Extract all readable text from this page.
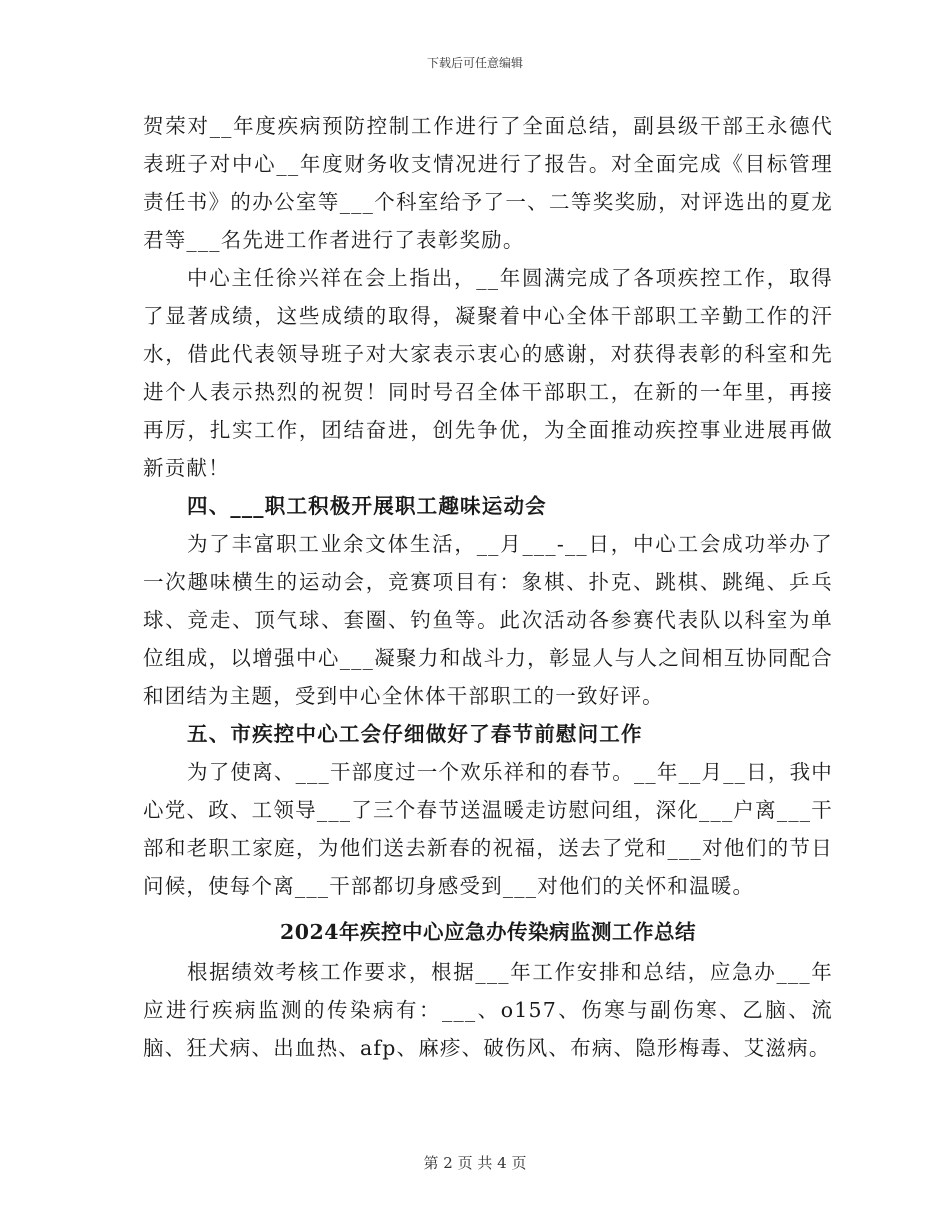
下载后可任意编辑

贺荣对__年度疾病预防控制工作进行了全面总结，副县级干部王永德代表班子对中心__年度财务收支情况进行了报告。对全面完成《目标管理责任书》的办公室等___个科室给予了一、二等奖奖励，对评选出的夏龙君等___名先进工作者进行了表彰奖励。

中心主任徐兴祥在会上指出，__年圆满完成了各项疾控工作，取得了显著成绩，这些成绩的取得，凝聚着中心全体干部职工辛勤工作的汗水，借此代表领导班子对大家表示衷心的感谢，对获得表彰的科室和先进个人表示热烈的祝贺！同时号召全体干部职工，在新的一年里，再接再厉，扎实工作，团结奋进，创先争优，为全面推动疾控事业进展再做新贡献！

四、___职工积极开展职工趣味运动会

为了丰富职工业余文体生活，__月___-__日，中心工会成功举办了一次趣味横生的运动会，竞赛项目有：象棋、扑克、跳棋、跳绳、乒乓球、竞走、顶气球、套圈、钓鱼等。此次活动各参赛代表队以科室为单位组成，以增强中心___凝聚力和战斗力，彰显人与人之间相互协同配合和团结为主题，受到中心全休体干部职工的一致好评。

五、市疾控中心工会仔细做好了春节前慰问工作

为了使离、___干部度过一个欢乐祥和的春节。__年__月__日，我中心党、政、工领导___了三个春节送温暖走访慰问组，深化___户离___干部和老职工家庭，为他们送去新春的祝福，送去了党和___对他们的节日问候，使每个离___干部都切身感受到___对他们的关怀和温暖。

2024年疾控中心应急办传染病监测工作总结

根据绩效考核工作要求，根据___年工作安排和总结，应急办___年应进行疾病监测的传染病有：___、o157、伤寒与副伤寒、乙脑、流脑、狂犬病、出血热、afp、麻疹、破伤风、布病、隐形梅毒、艾滋病。

第 2 页 共 4 页
